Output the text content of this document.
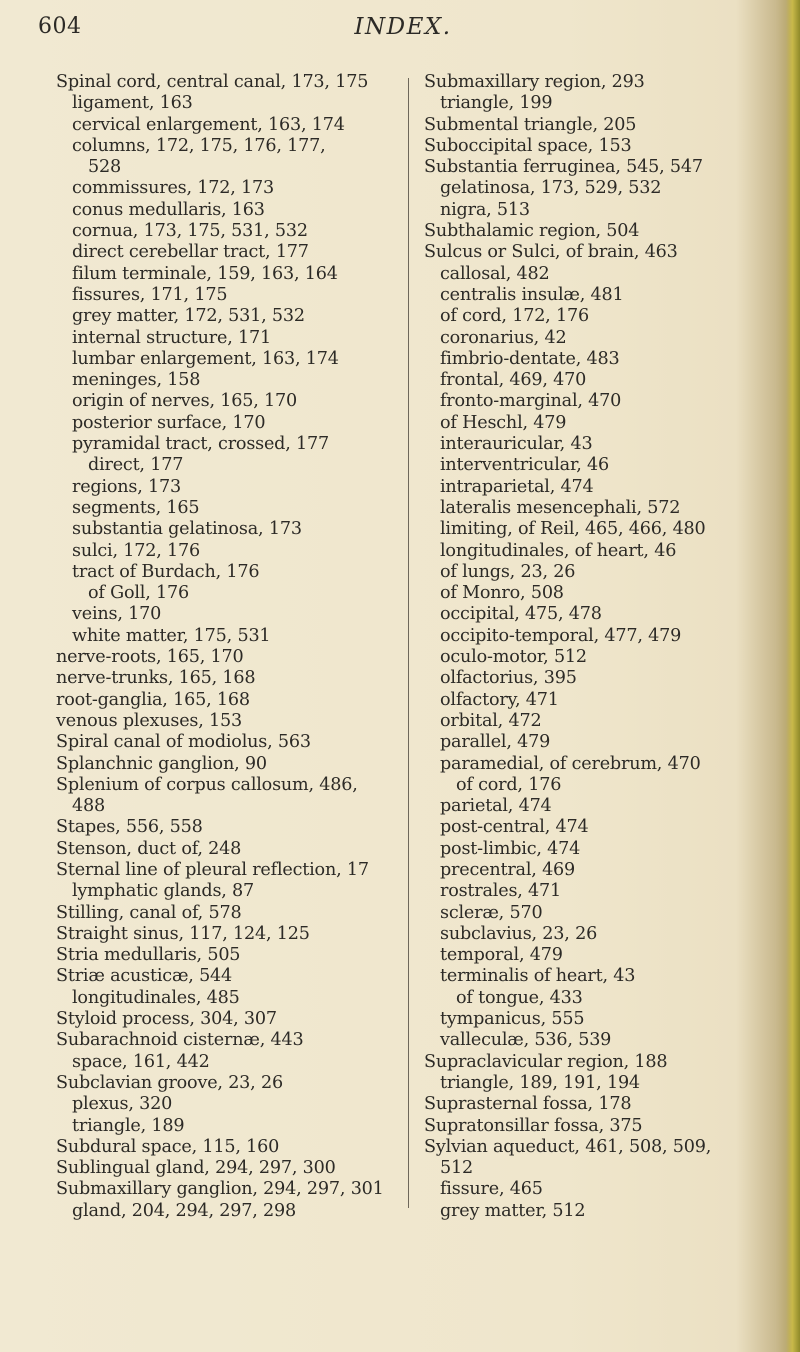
604	INDEX.
Spinal cord, central canal, 173, 175
ligament, 163
cervical enlargement, 163, 174
columns, 172, 175, 176, 177,
528
commissures, 172, 173
conus medullaris, 163
cornua, 173, 175, 531, 532
direct cerebellar tract, 177
filum terminale, 159, 163, 164
fissures, 171, 175
grey matter, 172, 531, 532
internal structure, 171
lumbar enlargement, 163, 174
meninges, 158
origin of nerves, 165, 170
posterior surface, 170
pyramidal tract, crossed, 177
direct, 177
regions, 173
segments, 165
substantia gelatinosa, 173
sulci, 172, 176
tract of Burdach, 176
of Goll, 176
veins, 170
white matter, 175, 531
nerve-roots, 165, 170
nerve-trunks, 165, 168
root-ganglia, 165, 168
venous plexuses, 153
Spiral canal of modiolus, 563
Splanchnic ganglion, 90
Splenium of corpus callosum, 486,
488
Stapes, 556, 558
Stenson, duct of, 248
Sternal line of pleural reflection, 17
lymphatic glands, 87
Stilling, canal of, 578
Straight sinus, 117, 124, 125
Stria medullaris, 505
Striæ acusticæ, 544
longitudinales, 485
Styloid process, 304, 307
Subarachnoid cisternæ, 443
space, 161, 442
Subclavian groove, 23, 26
plexus, 320
triangle, 189
Subdural space, 115, 160
Sublingual gland, 294, 297, 300
Submaxillary ganglion, 294, 297, 301
gland, 204, 294, 297, 298
Submaxillary region, 293
triangle, 199
Submental triangle, 205
Suboccipital space, 153
Substantia ferruginea, 545, 547
gelatinosa, 173, 529, 532
nigra, 513
Subthalamic region, 504
Sulcus or Sulci, of brain, 463
callosal, 482
centralis insulæ, 481
of cord, 172, 176
coronarius, 42
fimbrio-dentate, 483
frontal, 469, 470
fronto-marginal, 470
of Heschl, 479
interauricular, 43
interventricular, 46
intraparietal, 474
lateralis mesencephali, 572
limiting, of Reil, 465, 466, 480
longitudinales, of heart, 46
of lungs, 23, 26
of Monro, 508
occipital, 475, 478
occipito-temporal, 477, 479
oculo-motor, 512
olfactorius, 395
olfactory, 471
orbital, 472
parallel, 479
paramedial, of cerebrum, 470
of cord, 176
parietal, 474
post-central, 474
post-limbic, 474
precentral, 469
rostrales, 471
scleræ, 570
subclavius, 23, 26
temporal, 479
terminalis of heart, 43
of tongue, 433
tympanicus, 555
valleculæ, 536, 539
Supraclavicular region, 188
triangle, 189, 191, 194
Suprasternal fossa, 178
Supratonsillar fossa, 375
Sylvian aqueduct, 461, 508, 509,
512
fissure, 465
grey matter, 512
